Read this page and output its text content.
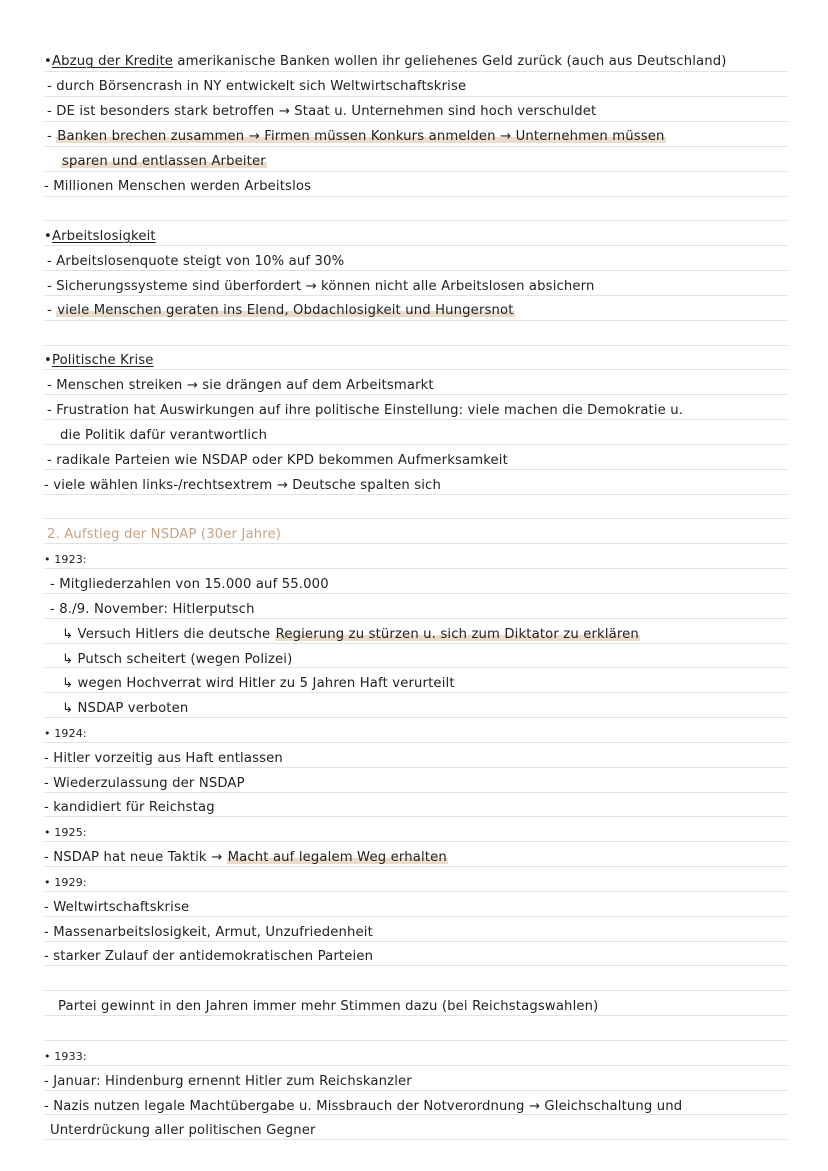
•Abzug der Kredite amerikanische Banken wollen ihr geliehenes Geld zurück (auch aus Deutschland)
- durch Börsencrash in NY entwickelt sich Weltwirtschaftskrise
- DE ist besonders stark betroffen → Staat u. Unternehmen sind hoch verschuldet
- Banken brechen zusammen → Firmen müssen Konkurs anmelden → Unternehmen müssen
sparen und entlassen Arbeiter
- Millionen Menschen werden Arbeitslos
•Arbeitslosigkeit
- Arbeitslosenquote steigt von 10% auf 30%
- Sicherungssysteme sind überfordert → können nicht alle Arbeitslosen absichern
- viele Menschen geraten ins Elend, Obdachlosigkeit und Hungersnot
•Politische Krise
- Menschen streiken → sie drängen auf dem Arbeitsmarkt
- Frustration hat Auswirkungen auf ihre politische Einstellung: viele machen die Demokratie u.
die Politik dafür verantwortlich
- radikale Parteien wie NSDAP oder KPD bekommen Aufmerksamkeit
- viele wählen links-/rechtsextrem → Deutsche spalten sich
2. Aufstieg der NSDAP (30er Jahre)
• 1923:
- Mitgliederzahlen von 15.000 auf 55.000
- 8./9. November: Hitlerputsch
↳ Versuch Hitlers die deutsche Regierung zu stürzen u. sich zum Diktator zu erklären
↳ Putsch scheitert (wegen Polizei)
↳ wegen Hochverrat wird Hitler zu 5 Jahren Haft verurteilt
↳ NSDAP verboten
• 1924:
- Hitler vorzeitig aus Haft entlassen
- Wiederzulassung der NSDAP
- kandidiert für Reichstag
• 1925:
- NSDAP hat neue Taktik → Macht auf legalem Weg erhalten
• 1929:
- Weltwirtschaftskrise
- Massenarbeitslosigkeit, Armut, Unzufriedenheit
- starker Zulauf der antidemokratischen Parteien
Partei gewinnt in den Jahren immer mehr Stimmen dazu (bei Reichstagswahlen)
• 1933:
- Januar: Hindenburg ernennt Hitler zum Reichskanzler
- Nazis nutzen legale Machtübergabe u. Missbrauch der Notverordnung → Gleichschaltung und
Unterdrückung aller politischen Gegner
